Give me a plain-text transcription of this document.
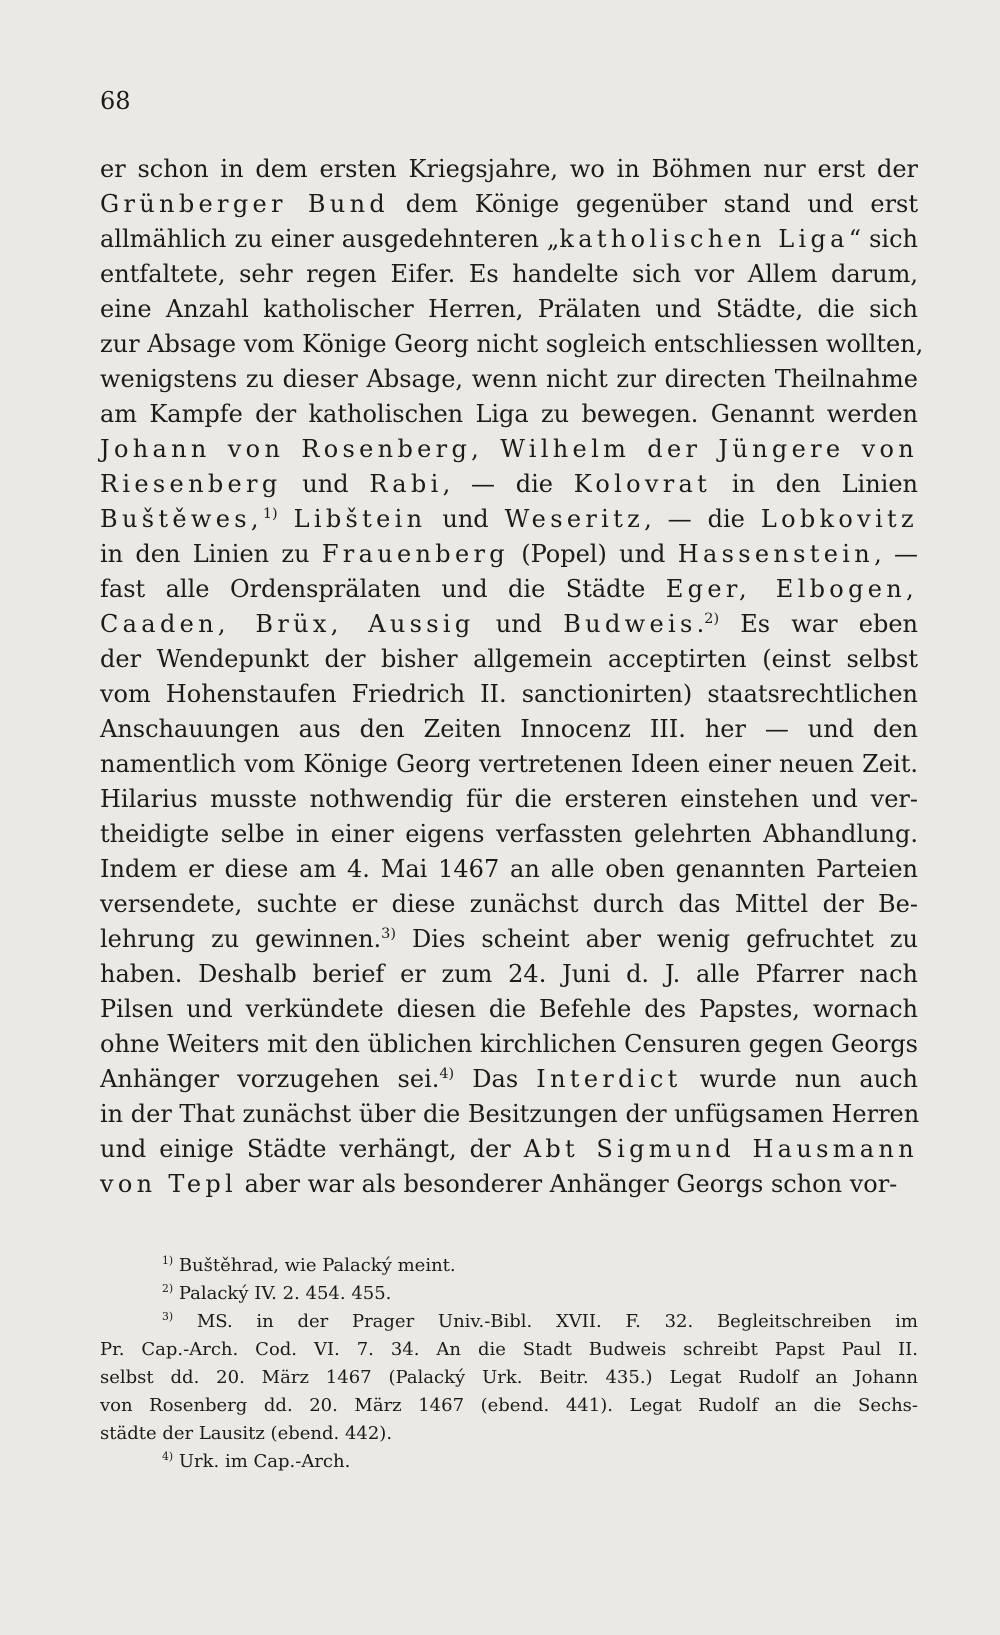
68
er schon in dem ersten Kriegsjahre, wo in Böhmen nur erst der
Grünberger Bund dem Könige gegenüber stand und erst
allmählich zu einer ausgedehnteren „katholischen Liga“ sich
entfaltete, sehr regen Eifer. Es handelte sich vor Allem darum,
eine Anzahl katholischer Herren, Prälaten und Städte, die sich
zur Absage vom Könige Georg nicht sogleich entschliessen wollten,
wenigstens zu dieser Absage, wenn nicht zur directen Theilnahme
am Kampfe der katholischen Liga zu bewegen. Genannt werden
Johann von Rosenberg, Wilhelm der Jüngere von
Riesenberg und Rabi, — die Kolovrat in den Linien
Buštěwes,$^{1)}$ Libštein und Weseritz, — die Lobkovitz
in den Linien zu Frauenberg (Popel) und Hassenstein, —
fast alle Ordensprälaten und die Städte Eger, Elbogen,
Caaden, Brüx, Aussig und Budweis.$^{2)}$ Es war eben
der Wendepunkt der bisher allgemein acceptirten (einst selbst
vom Hohenstaufen Friedrich II. sanctionirten) staatsrechtlichen
Anschauungen aus den Zeiten Innocenz III. her — und den
namentlich vom Könige Georg vertretenen Ideen einer neuen Zeit.
Hilarius musste nothwendig für die ersteren einstehen und ver-
theidigte selbe in einer eigens verfassten gelehrten Abhandlung.
Indem er diese am 4. Mai 1467 an alle oben genannten Parteien
versendete, suchte er diese zunächst durch das Mittel der Be-
lehrung zu gewinnen.$^{3)}$ Dies scheint aber wenig gefruchtet zu
haben. Deshalb berief er zum 24. Juni d. J. alle Pfarrer nach
Pilsen und verkündete diesen die Befehle des Papstes, wornach
ohne Weiters mit den üblichen kirchlichen Censuren gegen Georgs
Anhänger vorzugehen sei.$^{4)}$ Das Interdict wurde nun auch
in der That zunächst über die Besitzungen der unfügsamen Herren
und einige Städte verhängt, der Abt Sigmund Hausmann
von Tepl aber war als besonderer Anhänger Georgs schon vor-
$^{1)}$ Buštěhrad, wie Palacký meint.
$^{2)}$ Palacký IV. 2. 454. 455.
$^{3)}$ MS. in der Prager Univ.-Bibl. XVII. F. 32. Begleitschreiben im
Pr. Cap.-Arch. Cod. VI. 7. 34. An die Stadt Budweis schreibt Papst Paul II.
selbst dd. 20. März 1467 (Palacký Urk. Beitr. 435.) Legat Rudolf an Johann
von Rosenberg dd. 20. März 1467 (ebend. 441). Legat Rudolf an die Sechs-
städte der Lausitz (ebend. 442).
$^{4)}$ Urk. im Cap.-Arch.
